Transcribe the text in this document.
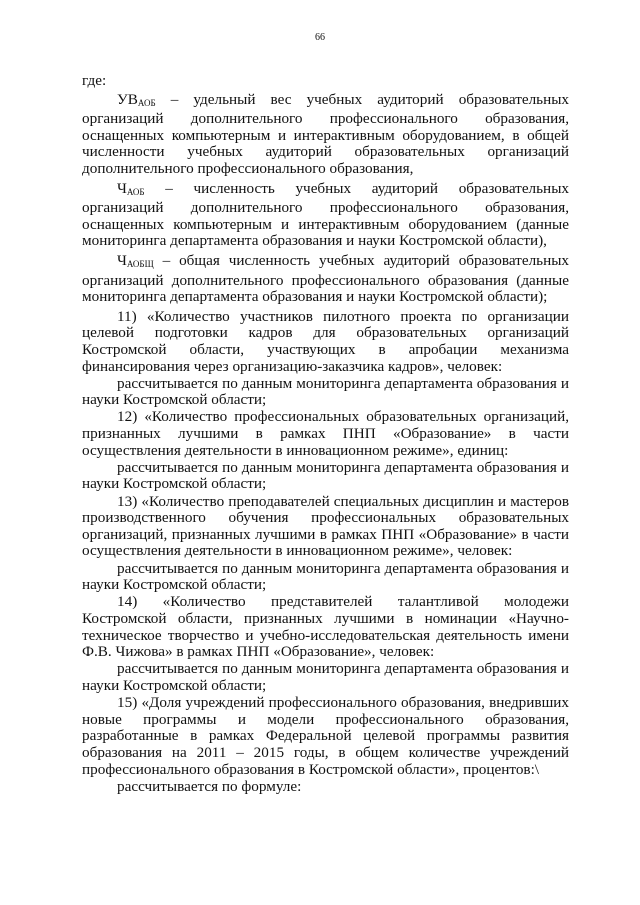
66

где:

$УВ_{АОБ}$ – удельный вес учебных аудиторий образовательных организаций дополнительного профессионального образования, оснащенных компьютерным и интерактивным оборудованием, в общей численности учебных аудиторий образовательных организаций дополнительного профессионального образования,

$Ч_{АОБ}$ – численность учебных аудиторий образовательных организаций дополнительного профессионального образования, оснащенных компьютерным и интерактивным оборудованием (данные мониторинга департамента образования и науки Костромской области),

$Ч_{АОБЩ}$ – общая численность учебных аудиторий образовательных организаций дополнительного профессионального образования (данные мониторинга департамента образования и науки Костромской области);

11) «Количество участников пилотного проекта по организации целевой подготовки кадров для образовательных организаций Костромской области, участвующих в апробации механизма финансирования через организацию-заказчика кадров», человек:

рассчитывается по данным мониторинга департамента образования и науки Костромской области;

12) «Количество профессиональных образовательных организаций, признанных лучшими в рамках ПНП «Образование» в части осуществления деятельности в инновационном режиме», единиц:

рассчитывается по данным мониторинга департамента образования и науки Костромской области;

13) «Количество преподавателей специальных дисциплин и мастеров производственного обучения профессиональных образовательных организаций, признанных лучшими в рамках ПНП «Образование» в части осуществления деятельности в инновационном режиме», человек:

рассчитывается по данным мониторинга департамента образования и науки Костромской области;

14) «Количество представителей талантливой молодежи Костромской области, признанных лучшими в номинации «Научно-техническое творчество и учебно-исследовательская деятельность имени Ф.В. Чижова» в рамках ПНП «Образование», человек:

рассчитывается по данным мониторинга департамента образования и науки Костромской области;

15) «Доля учреждений профессионального образования, внедривших новые программы и модели профессионального образования, разработанные в рамках Федеральной целевой программы развития образования на 2011 – 2015 годы, в общем количестве учреждений профессионального образования в Костромской области», процентов:\

рассчитывается по формуле:
